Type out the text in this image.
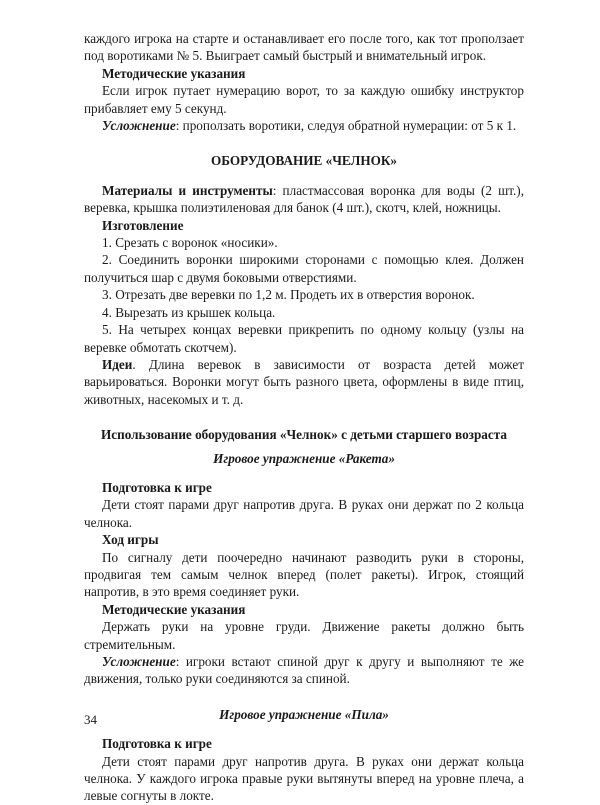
каждого игрока на старте и останавливает его после того, как тот проползает под воротиками № 5. Выиграет самый быстрый и внимательный игрок.

Методические указания

Если игрок путает нумерацию ворот, то за каждую ошибку инструктор прибавляет ему 5 секунд.

Усложнение: проползать воротики, следуя обратной нумерации: от 5 к 1.

ОБОРУДОВАНИЕ «ЧЕЛНОК»

Материалы и инструменты: пластмассовая воронка для воды (2 шт.), веревка, крышка полиэтиленовая для банок (4 шт.), скотч, клей, ножницы.

Изготовление

1. Срезать с воронок «носики».

2. Соединить воронки широкими сторонами с помощью клея. Должен получиться шар с двумя боковыми отверстиями.

3. Отрезать две веревки по 1,2 м. Продеть их в отверстия воронок.

4. Вырезать из крышек кольца.

5. На четырех концах веревки прикрепить по одному кольцу (узлы на веревке обмотать скотчем).

Идеи. Длина веревок в зависимости от возраста детей может варьироваться. Воронки могут быть разного цвета, оформлены в виде птиц, животных, насекомых и т. д.

Использование оборудования «Челнок» с детьми старшего возраста

Игровое упражнение «Ракета»

Подготовка к игре

Дети стоят парами друг напротив друга. В руках они держат по 2 кольца челнока.

Ход игры

По сигналу дети поочередно начинают разводить руки в стороны, продвигая тем самым челнок вперед (полет ракеты). Игрок, стоящий напротив, в это время соединяет руки.

Методические указания

Держать руки на уровне груди. Движение ракеты должно быть стремительным.

Усложнение: игроки встают спиной друг к другу и выполняют те же движения, только руки соединяются за спиной.

Игровое упражнение «Пила»

Подготовка к игре

Дети стоят парами друг напротив друга. В руках они держат кольца челнока. У каждого игрока правые руки вытянуты вперед на уровне плеча, а левые согнуты в локте.

34
